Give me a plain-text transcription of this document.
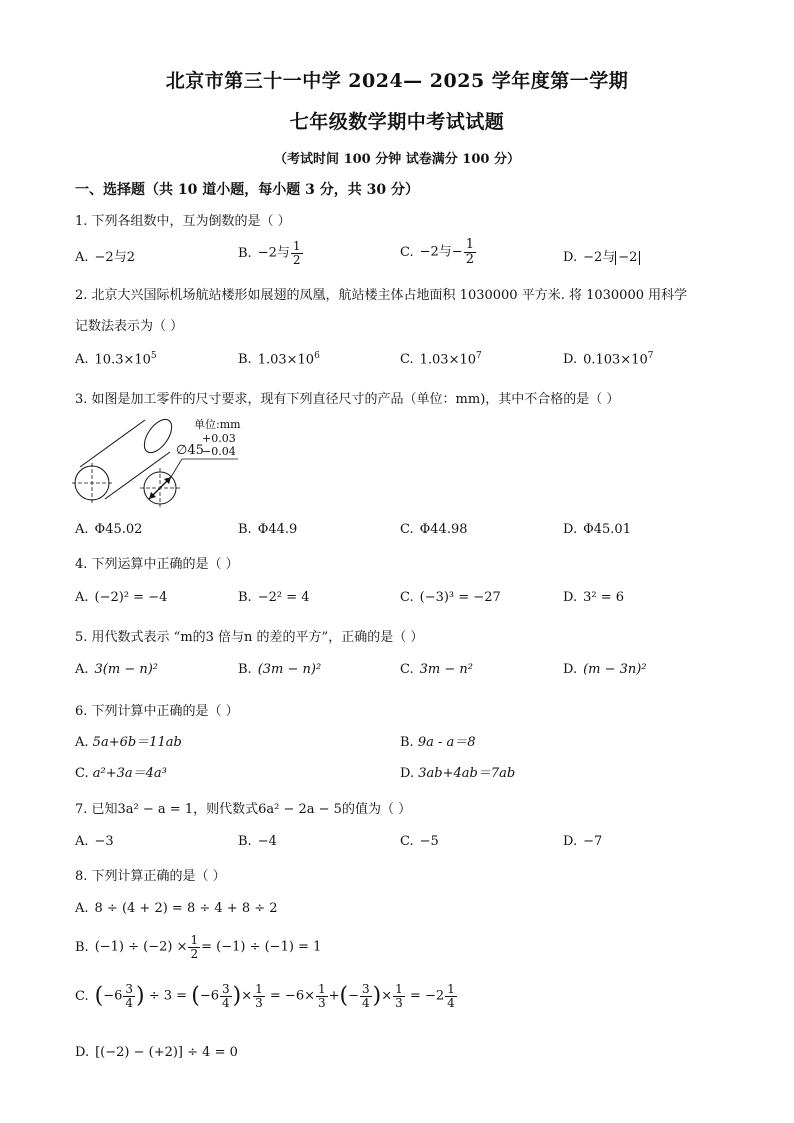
北京市第三十一中学 2024— 2025 学年度第一学期
七年级数学期中考试试题
（考试时间 100 分钟 试卷满分 100 分）
一、选择题（共 10 道小题，每小题 3 分，共 30 分）
1. 下列各组数中，互为倒数的是（ ）
A. −2与2	B. −2与 $\frac{1}{2}$	C. −2与− $\frac{1}{2}$	D. −2与 −2
2. 北京大兴国际机场航站楼形如展翅的凤凰，航站楼主体占地面积 1030000 平方米. 将 1030000 用科学
记数法表示为（ ）
A. $10.3\times 10^5$	B. $1.03\times 10^6$	C. $1.03\times 10^7$	D. $0.103\times 10^7$
3. 如图是加工零件的尺寸要求，现有下列直径尺寸的产品（单位：mm)，其中不合格的是（ ）
单位:mm
∅45
+0.03
−0.04
A. Φ45.02	B. Φ44.9	C. Φ44.98	D. Φ45.01
4. 下列运算中正确的是（ ）
A. (−2)² = −4	B. −2² = 4	C. (−3)³ = −27	D. 3² = 6
5. 用代数式表示 “m的3 倍与n 的差的平方”，正确的是（ ）
A. 3(m − n)²	B. (3m − n)²	C. 3m − n²	D. (m − 3n)²
6. 下列计算中正确的是（ ）
A. 5a+6b＝11ab	B. 9a - a＝8
C. a²+3a＝4a³	D. 3ab+4ab＝7ab
7. 已知3a² − a = 1，则代数式6a² − 2a − 5的值为（ ）
A. −3	B. −4	C. −5	D. −7
8. 下列计算正确的是（ ）
A. 8 ÷ (4 + 2) = 8 ÷ 4 + 8 ÷ 2
B. $(-1) \div (-2) \times \frac{1}{2} = (-1) \div (-1) = 1$
C. ($-6 \frac{3}{4}$ ) ÷ $3 = (-6 \frac{3}{4}$ )× $\frac{1}{3} = -6\times \frac{1}{3}$ +(− $\frac{3}{4}$ )× $\frac{1}{3} = -2 \frac{1}{4}$
D. [(−2) − (+2)] ÷ 4 = 0
